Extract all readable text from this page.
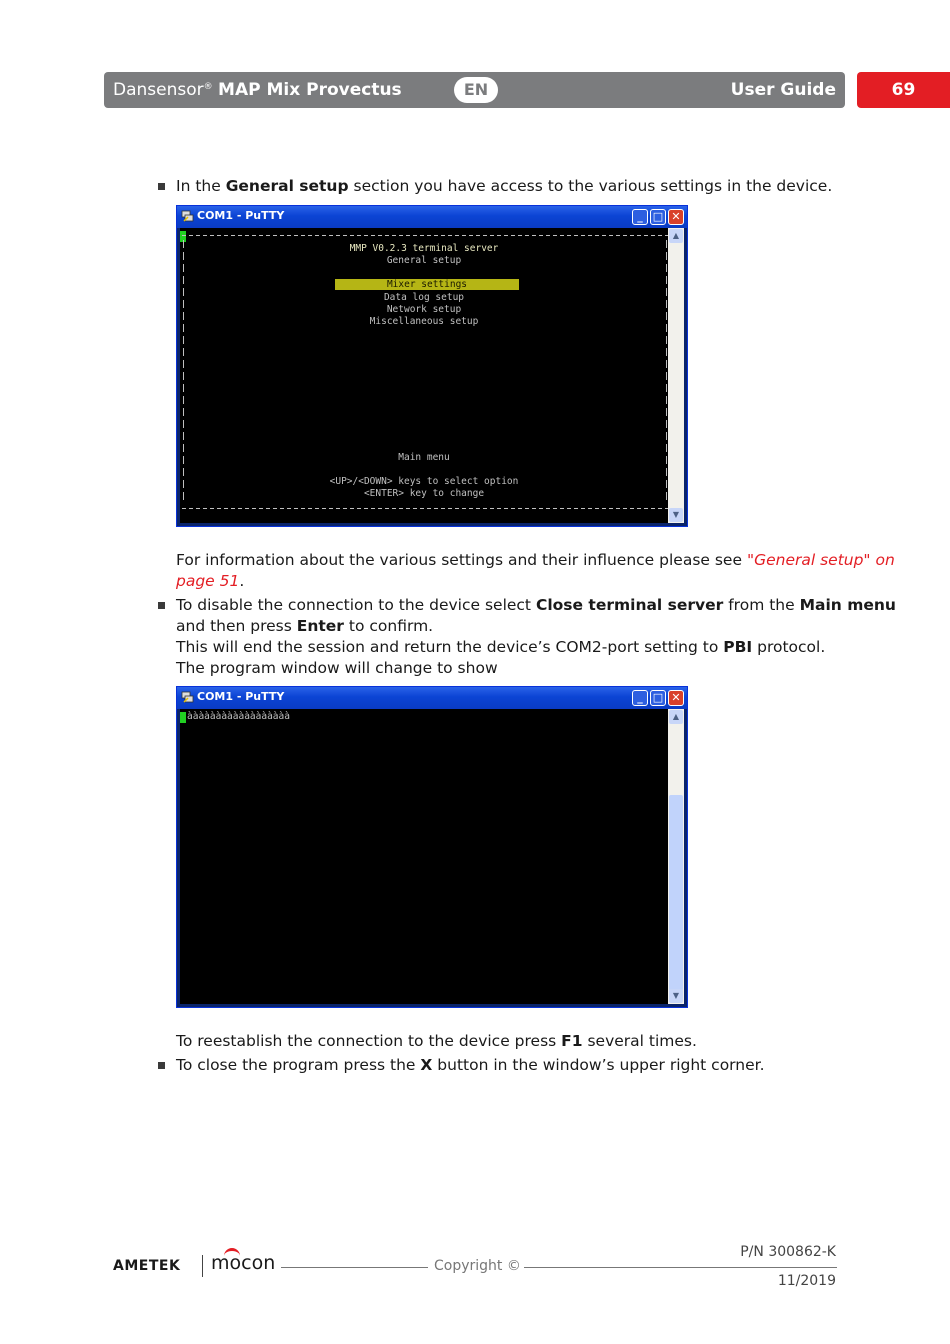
Dansensor® MAP Mix Provectus	EN	User Guide	69
In the General setup section you have access to the various settings in the device.
COM1 - PuTTY	_ □ ✕
MMP V0.2.3 terminal server
General setup
Mixer settings
Data log setup
Network setup
Miscellaneous setup
Main menu
<UP>/<DOWN> keys to select option
<ENTER> key to change
▲
▼
For information about the various settings and their influence please see "General setup" on
page 51.
To disable the connection to the device select Close terminal server from the Main menu
and then press Enter to confirm.
This will end the session and return the device’s COM2-port setting to PBI protocol.
The program window will change to show
COM1 - PuTTY	_ □ ✕
àààààààààààààààààà	▲
▼
To reestablish the connection to the device press F1 several times.
To close the program press the X button in the window’s upper right corner.
AMETEK mocon	Copyright ©
P/N 300862-K
11/2019
